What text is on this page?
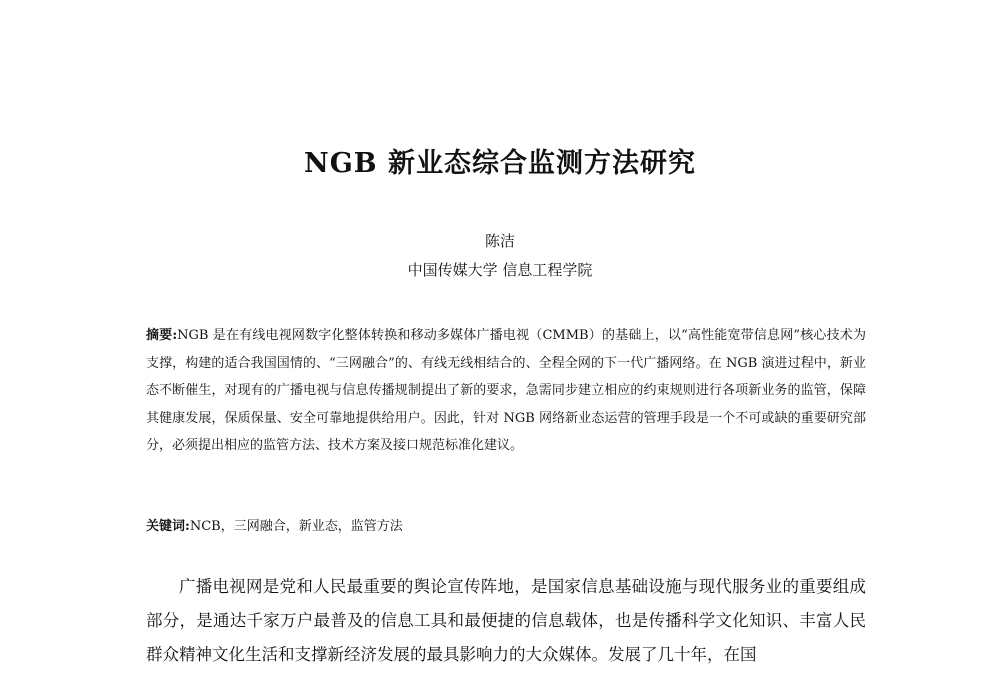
NGB 新业态综合监测方法研究
陈洁
中国传媒大学 信息工程学院
摘要:NGB 是在有线电视网数字化整体转换和移动多媒体广播电视（CMMB）的基础上，以“高性能宽带信息网”核心技术为支撑，构建的适合我国国情的、“三网融合”的、有线无线相结合的、全程全网的下一代广播网络。在 NGB 演进过程中，新业态不断催生，对现有的广播电视与信息传播规制提出了新的要求，急需同步建立相应的约束规则进行各项新业务的监管，保障其健康发展，保质保量、安全可靠地提供给用户。因此，针对 NGB 网络新业态运营的管理手段是一个不可或缺的重要研究部分，必须提出相应的监管方法、技术方案及接口规范标准化建议。
关键词:NCB，三网融合，新业态，监管方法
广播电视网是党和人民最重要的舆论宣传阵地，是国家信息基础设施与现代服务业的重要组成部分，是通达千家万户最普及的信息工具和最便捷的信息载体，也是传播科学文化知识、丰富人民群众精神文化生活和支撑新经济发展的最具影响力的大众媒体。发展了几十年，在国
